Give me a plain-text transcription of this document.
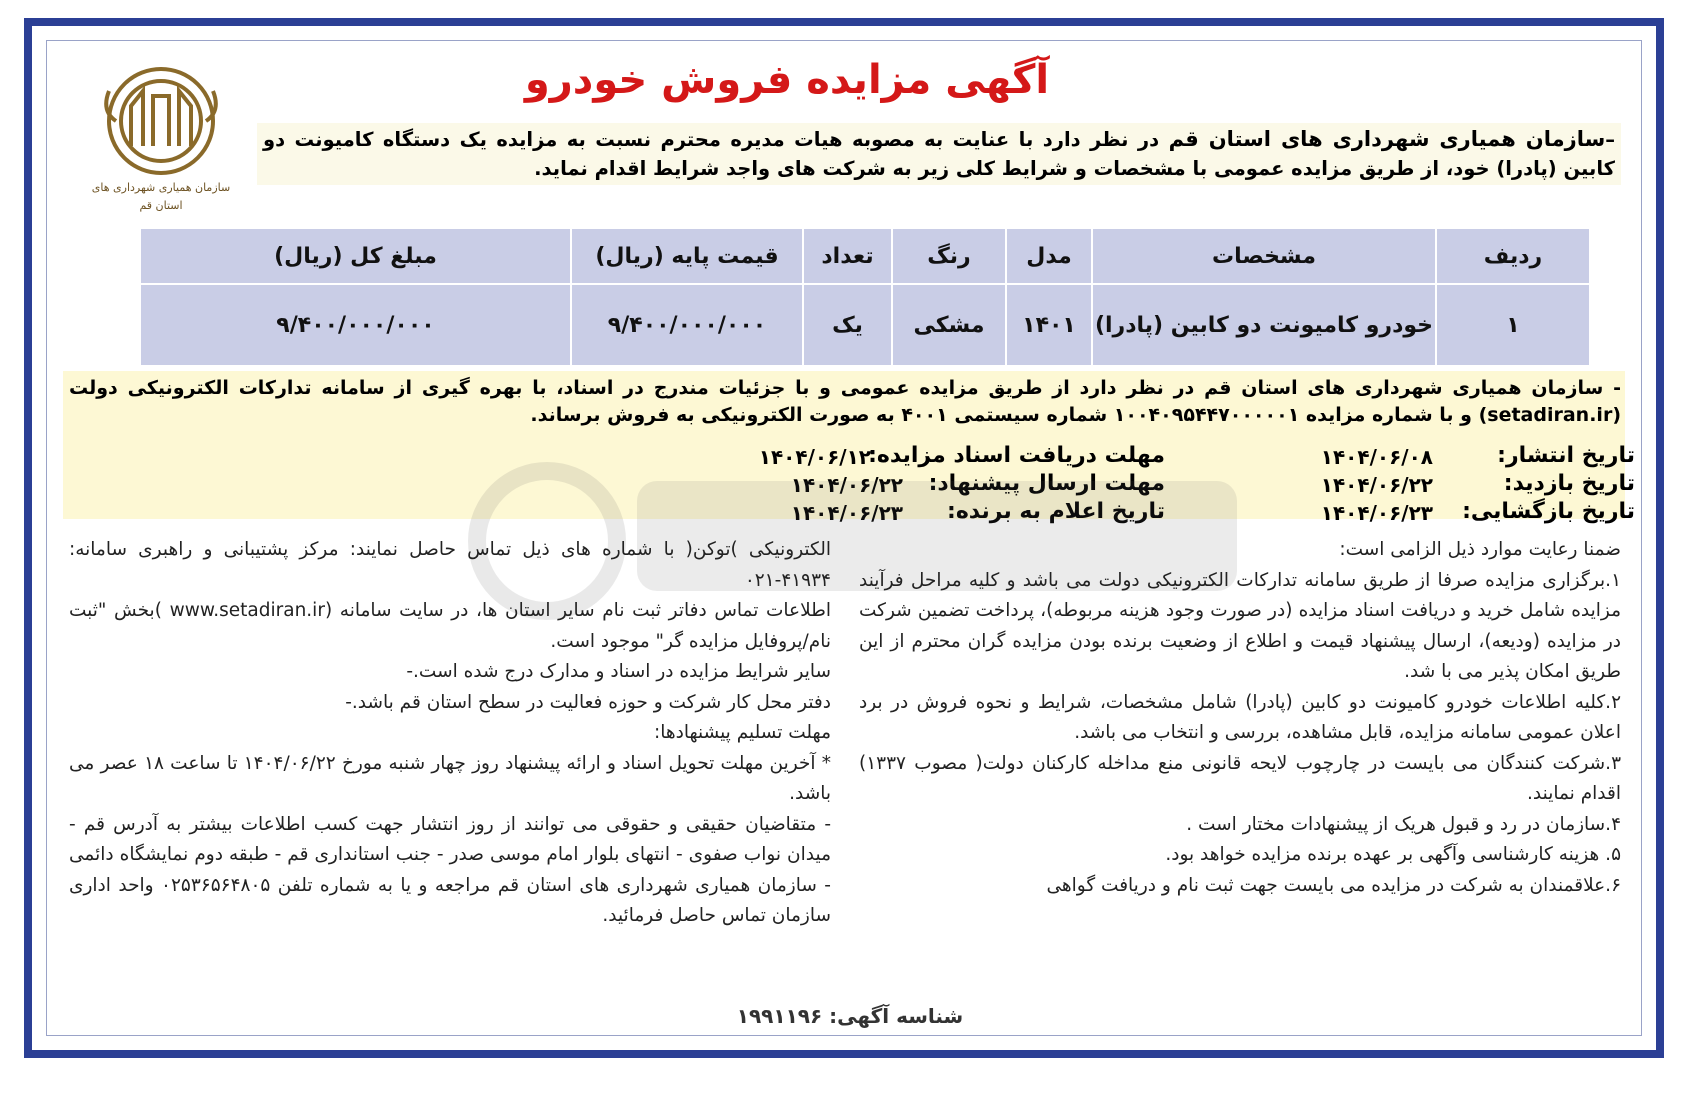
سازمان همیاری شهرداری های
استان قم
آگهی مزایده فروش خودرو
–سازمان همیاری شهرداری های استان قم در نظر دارد با عنایت به مصوبه هیات مدیره محترم نسبت به مزایده یک دستگاه کامیونت دو کابین (پادرا) خود، از طریق مزایده عمومی با مشخصات و شرایط کلی زیر به شرکت های واجد شرایط اقدام نماید.
ردیف	مشخصات	مدل	رنگ	تعداد	قیمت پایه (ریال)	مبلغ کل (ریال)
۱	خودرو کامیونت دو کابین (پادرا)	۱۴۰۱	مشکی	یک	۹/۴۰۰/۰۰۰/۰۰۰	۹/۴۰۰/۰۰۰/۰۰۰
- سازمان همیاری شهرداری های استان قم در نظر دارد از طریق مزایده عمومی و با جزئیات مندرج در اسناد، با بهره گیری از سامانه تدارکات الکترونیکی دولت (setadiran.ir) و با شماره مزایده ۱۰۰۴۰۹۵۴۴۷۰۰۰۰۰۱ شماره سیستمی ۴۰۰۱ به صورت الکترونیکی به فروش برساند.
تاریخ انتشار:
۱۴۰۴/۰۶/۰۸
مهلت دریافت اسناد مزایده:
۱۴۰۴/۰۶/۱۲
تاریخ بازدید:
۱۴۰۴/۰۶/۲۲
مهلت ارسال پیشنهاد:
۱۴۰۴/۰۶/۲۲
تاریخ بازگشایی:
۱۴۰۴/۰۶/۲۳
تاریخ اعلام به برنده:
۱۴۰۴/۰۶/۲۳

ضمنا رعایت موارد ذیل الزامی است:

۱.برگزاری مزایده صرفا از طریق سامانه تدارکات الکترونیکی دولت می باشد و کلیه مراحل فرآیند مزایده شامل خرید و دریافت اسناد مزایده (در صورت وجود هزینه مربوطه)، پرداخت تضمین شرکت در مزایده (ودیعه)، ارسال پیشنهاد قیمت و اطلاع از وضعیت برنده بودن مزایده گران محترم از این طریق امکان پذیر می با شد.

۲.کلیه اطلاعات خودرو کامیونت دو کابین (پادرا) شامل مشخصات، شرایط و نحوه فروش در برد اعلان عمومی سامانه مزایده، قابل مشاهده، بررسی و انتخاب می باشد.

۳.شرکت کنندگان می بایست در چارچوب لایحه قانونی منع مداخله کارکنان دولت( مصوب ۱۳۳۷) اقدام نمایند.

۴.سازمان در رد و قبول هریک از پیشنهادات مختار است .

۵. هزینه کارشناسی وآگهی بر عهده برنده مزایده خواهد بود.

۶.علاقمندان به شرکت در مزایده می بایست جهت ثبت نام و دریافت گواهی

الکترونیکی )توکن( با شماره های ذیل تماس حاصل نمایند: مرکز پشتیبانی و راهبری سامانه: ۴۱۹۳۴-۰۲۱

اطلاعات تماس دفاتر ثبت نام سایر استان ها، در سایت سامانه (www.setadiran.ir )بخش "ثبت نام/پروفایل مزایده گر" موجود است.

سایر شرایط مزایده در اسناد و مدارک درج شده است.-

دفتر محل کار شرکت و حوزه فعالیت در سطح استان قم باشد.-

مهلت تسلیم پیشنهادها:

* آخرین مهلت تحویل اسناد و ارائه پیشنهاد روز چهار شنبه مورخ ۱۴۰۴/۰۶/۲۲ تا ساعت ۱۸ عصر می باشد.

- متقاضیان حقیقی و حقوقی می توانند از روز انتشار جهت کسب اطلاعات بیشتر به آدرس قم - میدان نواب صفوی - انتهای بلوار امام موسی صدر - جنب استانداری قم - طبقه دوم نمایشگاه دائمی - سازمان همیاری شهرداری های استان قم مراجعه و یا به شماره تلفن ۰۲۵۳۶۵۶۴۸۰۵ واحد اداری سازمان تماس حاصل فرمائید.

شناسه آگهی: ۱۹۹۱۱۹۶
